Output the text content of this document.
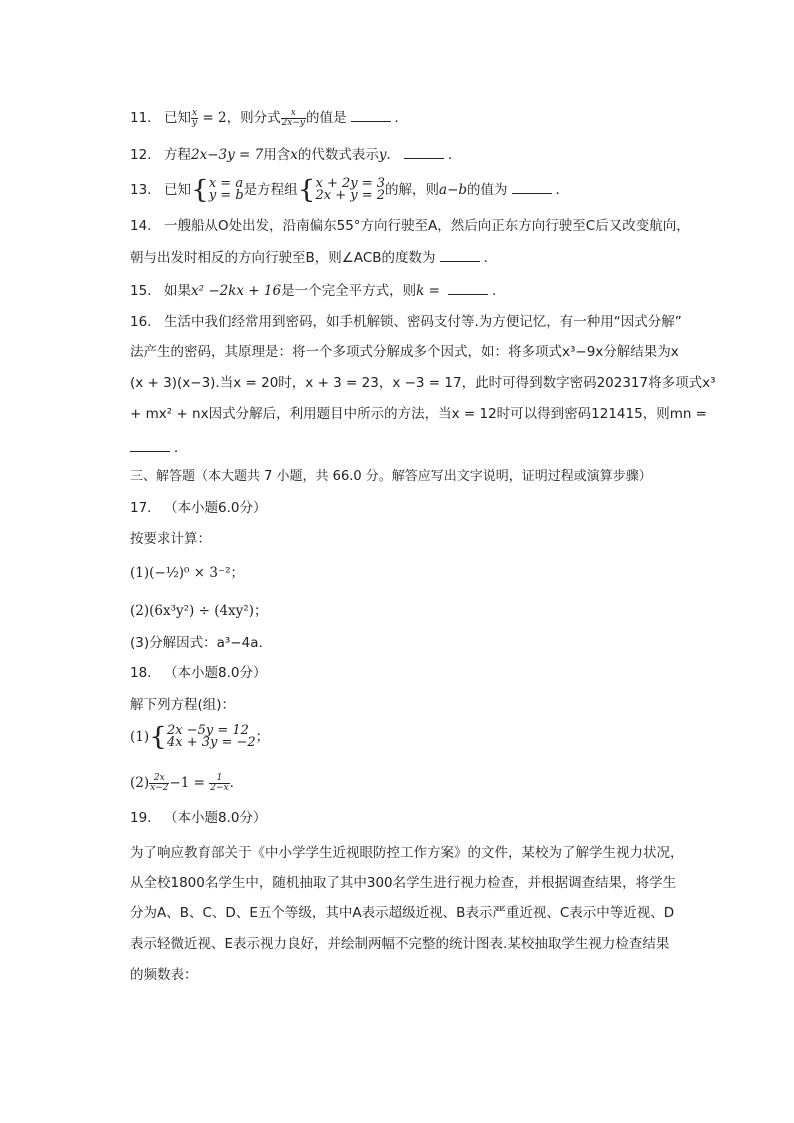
11. 已知 $\frac{x}{y} = 2$，则分式 $\frac{x}{2x-y}$ 的值是	．
12. 方程2x−3y = 7用含x的代数式表示y．	．
13. 已知{ x = a
y = b 是方程组{ x + 2y = 3
2x + y = 2 的解，则a−b的值为	．
14. 一艘船从O处出发，沿南偏东55°方向行驶至A，然后向正东方向行驶至C后又改变航向，
朝与出发时相反的方向行驶至B，则∠ACB的度数为	．
15. 如果x² −2kx + 16是一个完全平方式，则k =	．
16. 生活中我们经常用到密码，如手机解锁、密码支付等.为方便记忆，有一种用“因式分解”
法产生的密码，其原理是：将一个多项式分解成多个因式，如：将多项式x³−9x分解结果为x
(x + 3)(x−3).当x = 20时，x + 3 = 23，x −3 = 17，此时可得到数字密码202317将多项式x³
+ mx² + nx因式分解后，利用题目中所示的方法，当x = 12时可以得到密码121415，则mn =
．
三、解答题（本大题共 7 小题，共 66.0 分。解答应写出文字说明，证明过程或演算步骤）
17. （本小题6.0分）
按要求计算：
(1)(−½)⁰ × 3⁻²；
(2)(6x³y²) ÷ (4xy²)；
(3)分解因式：a³−4a．
18. （本小题8.0分）
解下列方程(组)：
(1){ 2x −5y = 12
4x + 3y = −2 ；
$(2) \frac{2x}{x-2} -1 = \frac{1}{2-x}$ .
19. （本小题8.0分）
为了响应教育部关于《中小学学生近视眼防控工作方案》的文件，某校为了解学生视力状况，
从全校1800名学生中，随机抽取了其中300名学生进行视力检查，并根据调查结果，将学生
分为A、B、C、D、E五个等级，其中A表示超级近视、B表示严重近视、C表示中等近视、D
表示轻微近视、E表示视力良好，并绘制两幅不完整的统计图表.某校抽取学生视力检查结果
的频数表：
